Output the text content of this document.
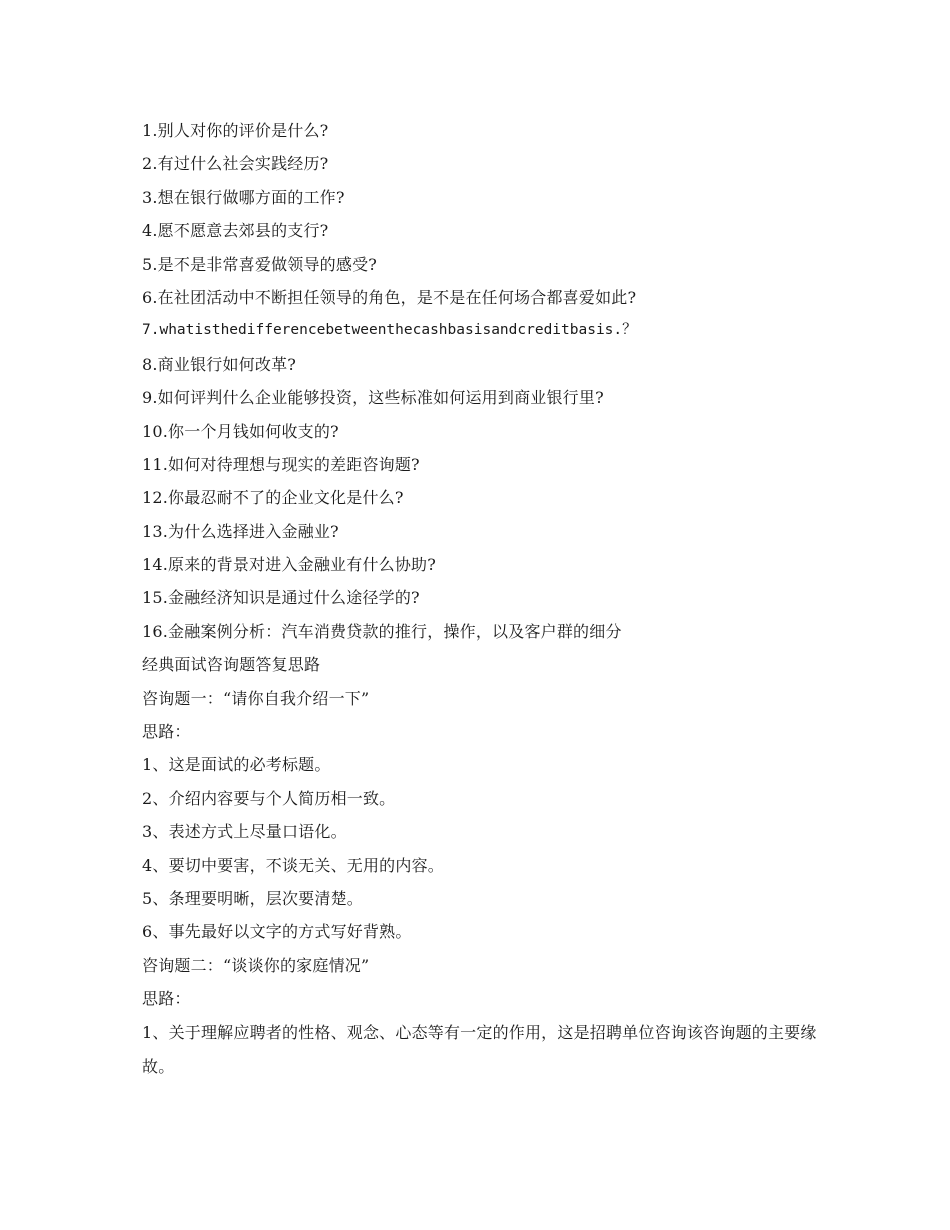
1.别人对你的评价是什么?
2.有过什么社会实践经历?
3.想在银行做哪方面的工作?
4.愿不愿意去郊县的支行?
5.是不是非常喜爱做领导的感受?
6.在社团活动中不断担任领导的角色，是不是在任何场合都喜爱如此?
7.whatisthedifferencebetweenthecashbasisandcreditbasis.？
8.商业银行如何改革?
9.如何评判什么企业能够投资，这些标准如何运用到商业银行里?
10.你一个月钱如何收支的?
11.如何对待理想与现实的差距咨询题?
12.你最忍耐不了的企业文化是什么?
13.为什么选择进入金融业?
14.原来的背景对进入金融业有什么协助?
15.金融经济知识是通过什么途径学的?
16.金融案例分析：汽车消费贷款的推行，操作，以及客户群的细分
经典面试咨询题答复思路
咨询题一：“请你自我介绍一下”
思路：
1、这是面试的必考标题。
2、介绍内容要与个人简历相一致。
3、表述方式上尽量口语化。
4、要切中要害，不谈无关、无用的内容。
5、条理要明晰，层次要清楚。
6、事先最好以文字的方式写好背熟。
咨询题二：“谈谈你的家庭情况”
思路：
1、关于理解应聘者的性格、观念、心态等有一定的作用，这是招聘单位咨询该咨询题的主要缘故。
